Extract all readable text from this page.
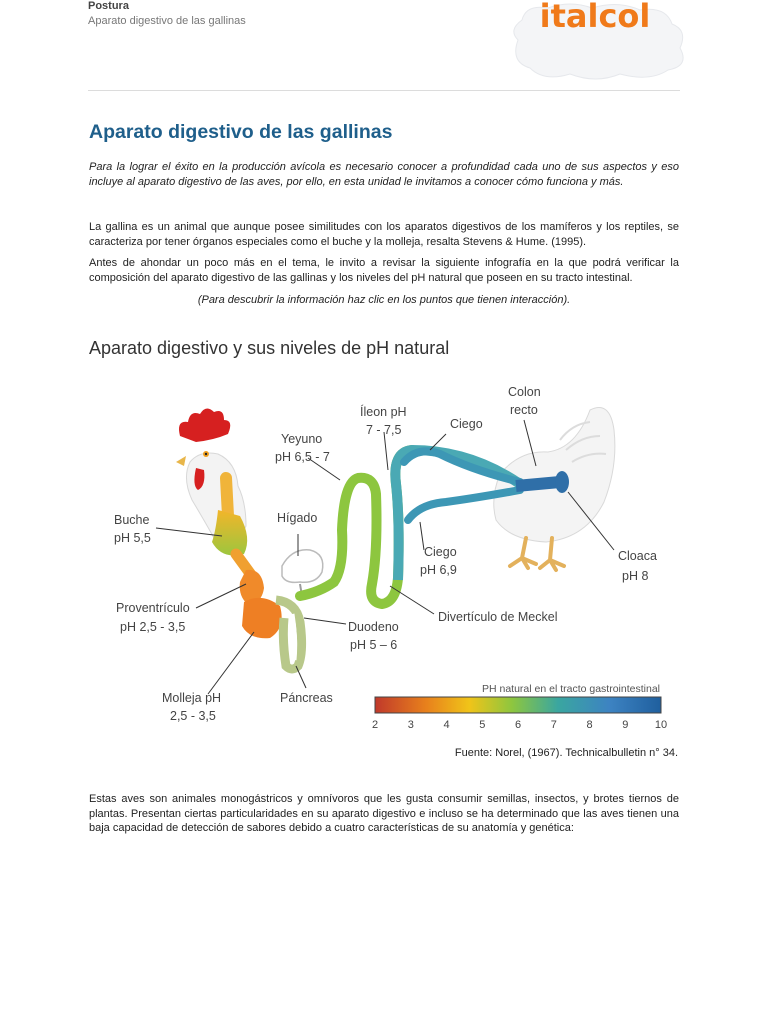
Postura
Aparato digestivo de las gallinas	italcol
Aparato digestivo de las gallinas

Para la lograr el éxito en la producción avícola es necesario conocer a profundidad cada uno de sus aspectos y eso incluye al aparato digestivo de las aves, por ello, en esta unidad le invitamos a conocer cómo funciona y más.

La gallina es un animal que aunque posee similitudes con los aparatos digestivos de los mamíferos y los reptiles, se caracteriza por tener órganos especiales como el buche y la molleja, resalta Stevens & Hume. (1995).

Antes de ahondar un poco más en el tema, le invito a revisar la siguiente infografía en la que podrá verificar la composición del aparato digestivo de las gallinas y los niveles del pH natural que poseen en su tracto intestinal.

(Para descubrir la información haz clic en los puntos que tienen interacción).

Aparato digestivo y sus niveles de pH natural
Buche
pH 5,5
Proventrículo
pH 2,5 - 3,5
Molleja pH
2,5 - 3,5
Hígado
Yeyuno
pH 6,5 - 7
Íleon pH
7 - 7,5	Ciego
Colon
recto
Ciego
pH 6,9
Cloaca
pH 8
Divertículo de Meckel
Duodeno
pH 5 – 6
Páncreas
PH natural en el tracto gastrointestinal
2	3	4	5	6	7	8	9 10

Fuente: Norel, (1967). Technicalbulletin n° 34.

Estas aves son animales monogástricos y omnívoros que les gusta consumir semillas, insectos, y brotes tiernos de plantas. Presentan ciertas particularidades en su aparato digestivo e incluso se ha determinado que las aves tienen una baja capacidad de detección de sabores debido a cuatro características de su anatomía y genética:
